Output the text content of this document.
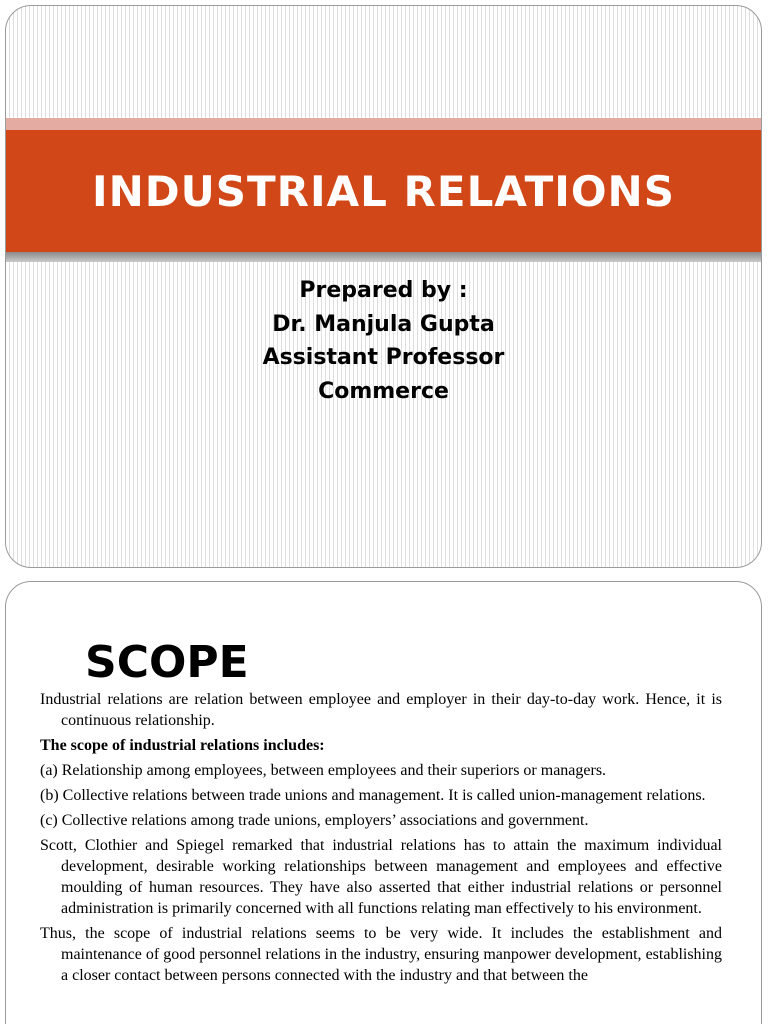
INDUSTRIAL RELATIONS
Prepared by :
Dr. Manjula Gupta
Assistant Professor
Commerce
SCOPE

Industrial relations are relation between employee and employer in their day-to-day work. Hence, it is continuous relationship.

The scope of industrial relations includes:

(a) Relationship among employees, between employees and their superiors or managers.

(b) Collective relations between trade unions and management. It is called union-management relations.

(c) Collective relations among trade unions, employers’ associations and government.

Scott, Clothier and Spiegel remarked that industrial relations has to attain the maximum individual development, desirable working relationships between management and employees and effective moulding of human resources. They have also asserted that either industrial relations or personnel administration is primarily concerned with all functions relating man effectively to his environment.

Thus, the scope of industrial relations seems to be very wide. It includes the establishment and maintenance of good personnel relations in the industry, ensuring manpower development, establishing a closer contact between persons connected with the industry and that between the
